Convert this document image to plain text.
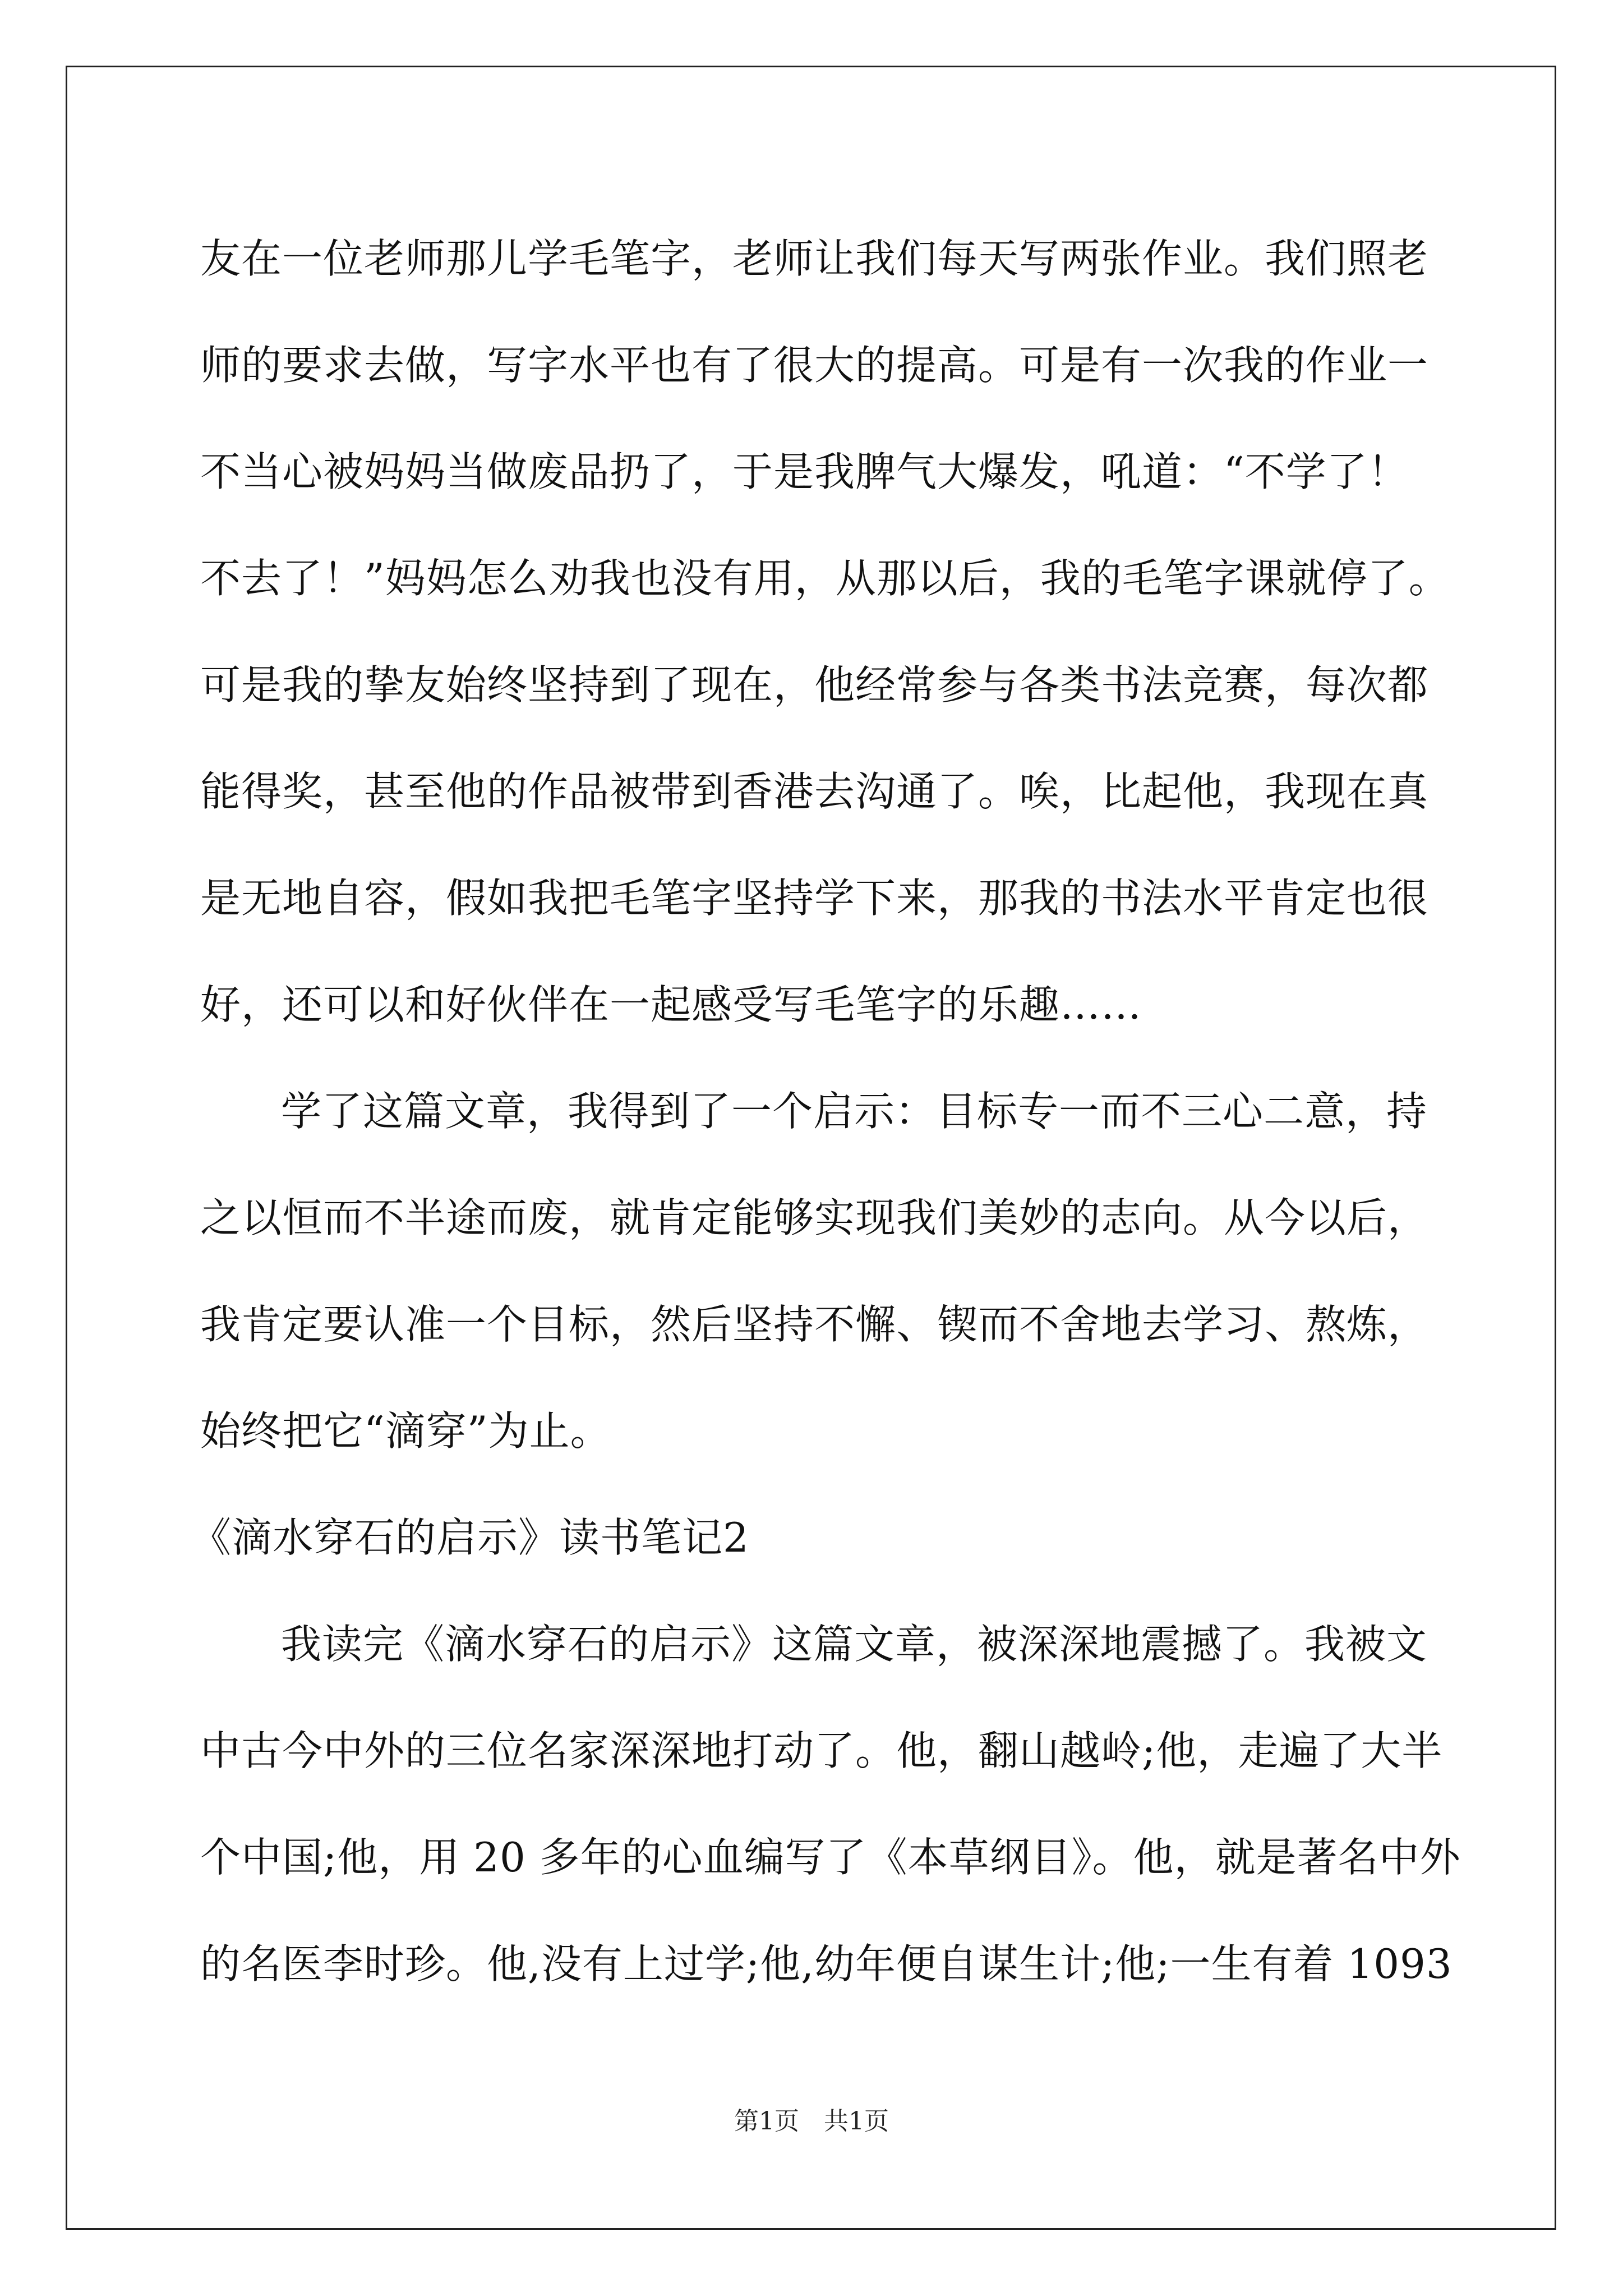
友在一位老师那儿学毛笔字，老师让我们每天写两张作业。我们照老
师的要求去做，写字水平也有了很大的提高。可是有一次我的作业一
不当心被妈妈当做废品扔了，于是我脾气大爆发，吼道：“不学了！
不去了！”妈妈怎么劝我也没有用，从那以后，我的毛笔字课就停了。
可是我的挚友始终坚持到了现在，他经常参与各类书法竞赛，每次都
能得奖，甚至他的作品被带到香港去沟通了。唉，比起他，我现在真
是无地自容，假如我把毛笔字坚持学下来，那我的书法水平肯定也很
好，还可以和好伙伴在一起感受写毛笔字的乐趣……
学了这篇文章，我得到了一个启示：目标专一而不三心二意，持
之以恒而不半途而废，就肯定能够实现我们美妙的志向。从今以后，
我肯定要认准一个目标，然后坚持不懈、锲而不舍地去学习、熬炼，
始终把它“滴穿”为止。
《滴水穿石的启示》读书笔记2
我读完《滴水穿石的启示》这篇文章，被深深地震撼了。我被文
中古今中外的三位名家深深地打动了。他，翻山越岭;他，走遍了大半
个中国;他，用 20 多年的心血编写了《本草纲目》。他，就是著名中外
的名医李时珍。他,没有上过学;他,幼年便自谋生计;他;一生有着 1093
第1页　共1页
